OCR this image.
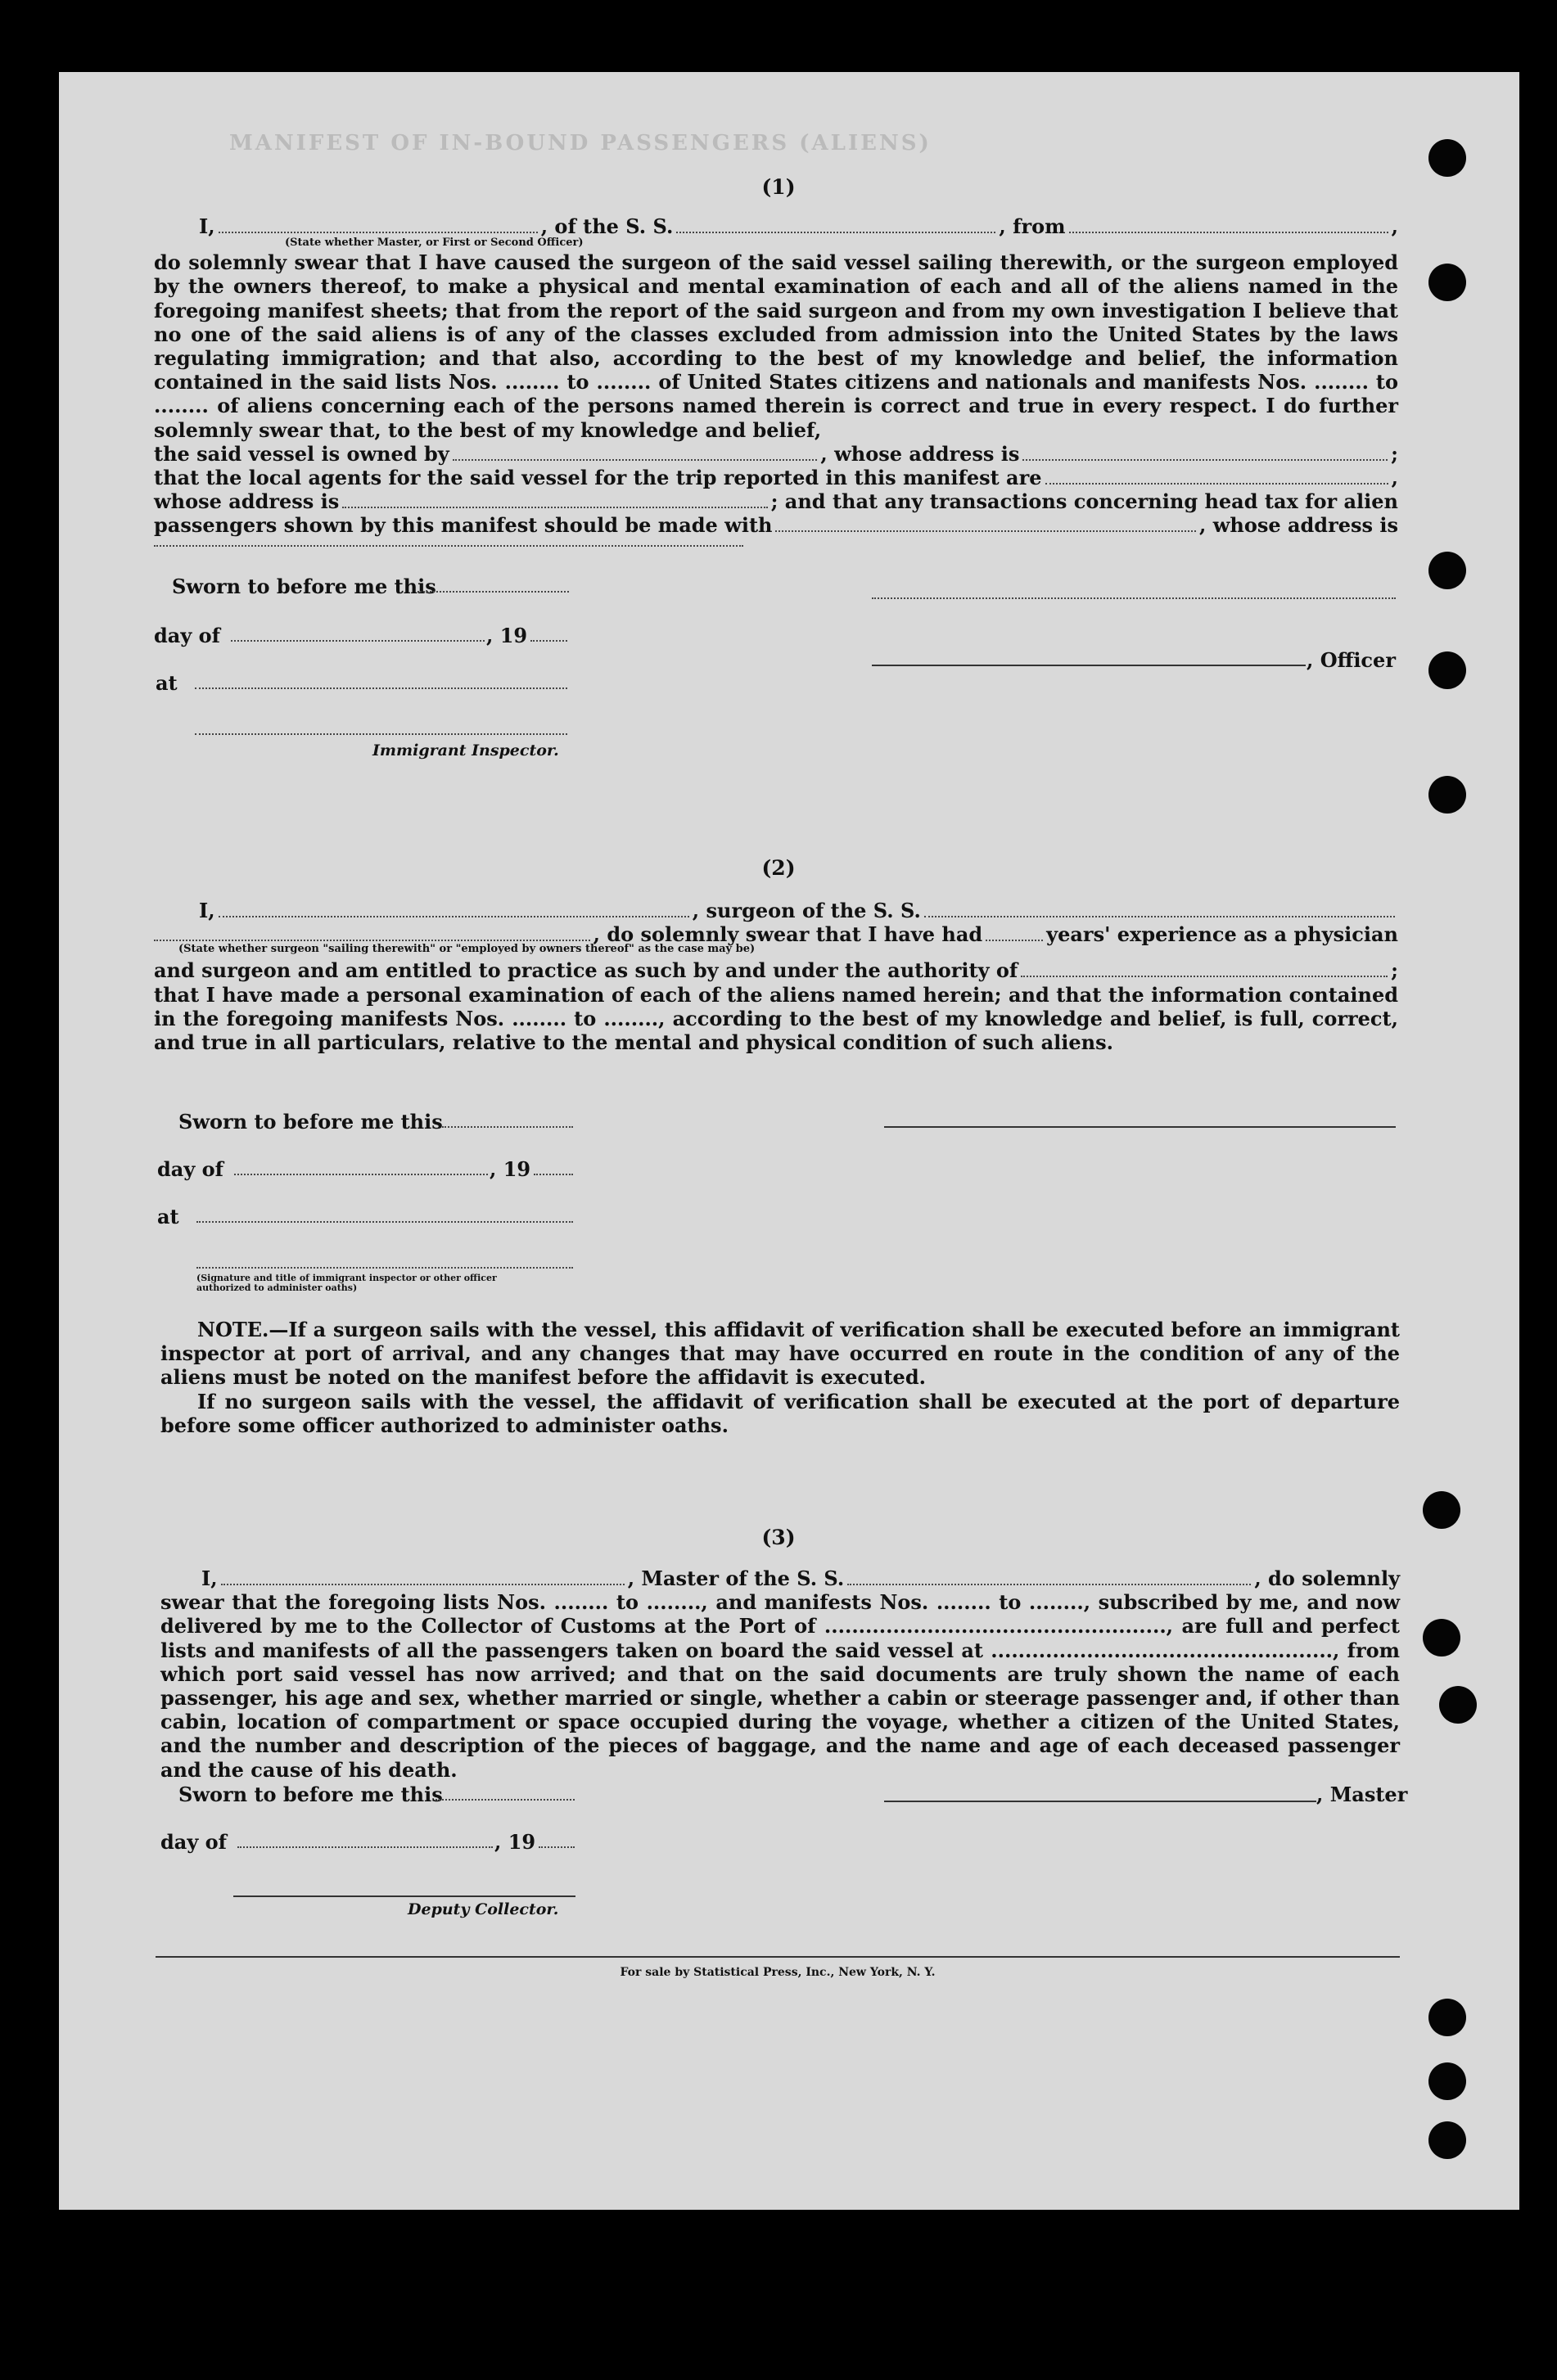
MANIFEST OF IN-BOUND PASSENGERS (ALIENS)
(1)
I,	, of the S. S.	, from	,
(State whether Master, or First or Second Officer)

do solemnly swear that I have caused the surgeon of the said vessel sailing therewith, or the surgeon employed by the owners thereof, to make a physical and mental examination of each and all of the aliens named in the foregoing manifest sheets; that from the report of the said surgeon and from my own investigation I believe that no one of the said aliens is of any of the classes excluded from admission into the United States by the laws regulating immigration; and that also, according to the best of my knowledge and belief, the information contained in the said lists Nos. ........ to ........ of United States citizens and nationals and manifests Nos. ........ to ........ of aliens concerning each of the persons named therein is correct and true in every respect. I do further solemnly swear that, to the best of my knowledge and belief,

the said vessel is owned by	, whose address is	;
that the local agents for the said vessel for the trip reported in this manifest are	,
whose address is	; and that any transactions concerning head tax for alien
passengers shown by this manifest should be made with	, whose address is
Sworn to before me this
day of	, 19
at
Immigrant Inspector.
, Officer
(2)
I,	, surgeon of the S. S.
, do solemnly swear that I have had	years' experience as a physician
(State whether surgeon "sailing therewith" or "employed by owners thereof" as the case may be)
and surgeon and am entitled to practice as such by and under the authority of	;

that I have made a personal examination of each of the aliens named herein; and that the information contained in the foregoing manifests Nos. ........ to ........, according to the best of my knowledge and belief, is full, correct, and true in all particulars, relative to the mental and physical condition of such aliens.

Sworn to before me this
day of	, 19
at
(Signature and title of immigrant inspector or other officer authorized to administer oaths)

NOTE.—If a surgeon sails with the vessel, this affidavit of verification shall be executed before an immigrant inspector at port of arrival, and any changes that may have occurred en route in the condition of any of the aliens must be noted on the manifest before the affidavit is executed.

If no surgeon sails with the vessel, the affidavit of verification shall be executed at the port of departure before some officer authorized to administer oaths.

(3)
I,	, Master of the S. S.	, do solemnly

swear that the foregoing lists Nos. ........ to ........, and manifests Nos. ........ to ........, subscribed by me, and now delivered by me to the Collector of Customs at the Port of .................................................., are full and perfect lists and manifests of all the passengers taken on board the said vessel at .................................................., from which port said vessel has now arrived; and that on the said documents are truly shown the name of each passenger, his age and sex, whether married or single, whether a cabin or steerage passenger and, if other than cabin, location of compartment or space occupied during the voyage, whether a citizen of the United States, and the number and description of the pieces of baggage, and the name and age of each deceased passenger and the cause of his death.

Sworn to before me this	, Master
day of	, 19
Deputy Collector.
For sale by Statistical Press, Inc., New York, N. Y.
